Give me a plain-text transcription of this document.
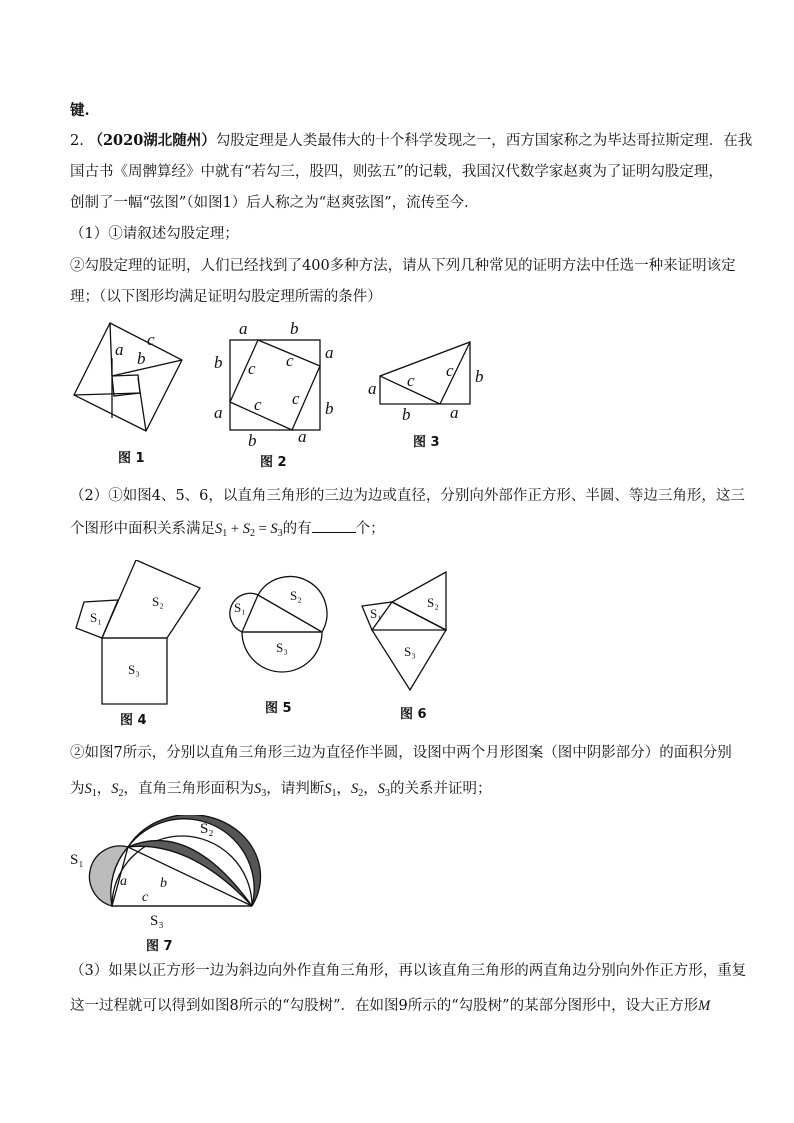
键.
2. （2020湖北随州）勾股定理是人类最伟大的十个科学发现之一，西方国家称之为毕达哥拉斯定理．在我
国古书《周髀算经》中就有“若勾三，股四，则弦五”的记载，我国汉代数学家赵爽为了证明勾股定理，
创制了一幅“弦图”（如图1）后人称之为“赵爽弦图”，流传至今．
（1）①请叙述勾股定理；
②勾股定理的证明，人们已经找到了400多种方法，请从下列几种常见的证明方法中任选一种来证明该定
理；（以下图形均满足证明勾股定理所需的条件）
（2）①如图4、5、6，以直角三角形的三边为边或直径，分别向外部作正方形、半圆、等边三角形，这三
个图形中面积关系满足$S_1 + S_2 = S_3$的有	个；
②如图7所示，分别以直角三角形三边为直径作半圆，设图中两个月形图案（图中阴影部分）的面积分别
为$S_1$，$S_2$，直角三角形面积为$S_3$，请判断$S_1$，$S_2$，$S_3$的关系并证明；
（3）如果以正方形一边为斜边向外作直角三角形，再以该直角三角形的两直角边分别向外作正方形，重复
这一过程就可以得到如图8所示的“勾股树”．在如图9所示的“勾股树”的某部分图形中，设大正方形M
c
a b
图 1
a	b
b
a
b
a
b a
c c
c
c
图 2
a c
c b
b a
图 3
S₂
S₁
S₃
图 4
S₂
S₁
S₃
图 5
S₂
S₁
S₃
图 6
S₂
S₁
a b
c
S₃
图 7
